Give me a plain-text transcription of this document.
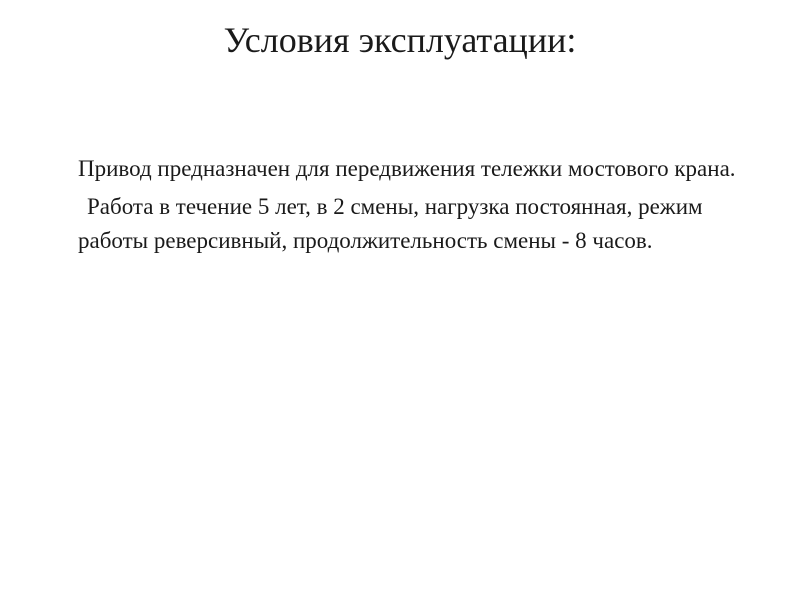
Условия эксплуатации:

Привод предназначен для передвижения тележки мостового крана.

Работа в течение 5 лет, в 2 смены, нагрузка постоянная, режим работы реверсивный, продолжительность смены - 8 часов.
